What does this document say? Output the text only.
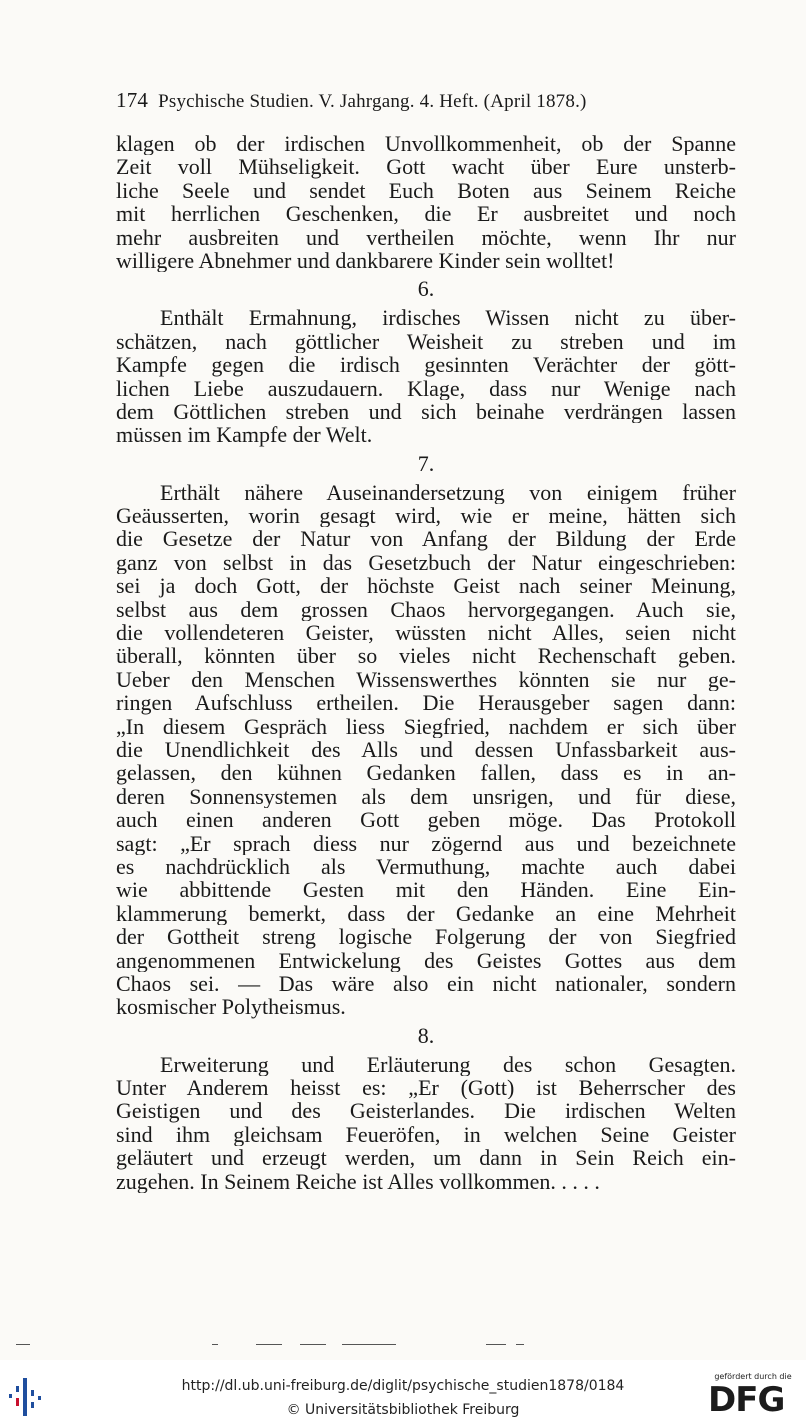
174 Psychische Studien. V. Jahrgang. 4. Heft. (April 1878.)
klagen ob der irdischen Unvollkommenheit, ob der Spanne
Zeit voll Mühseligkeit. Gott wacht über Eure unsterb-
liche Seele und sendet Euch Boten aus Seinem Reiche
mit herrlichen Geschenken, die Er ausbreitet und noch
mehr ausbreiten und vertheilen möchte, wenn Ihr nur
willigere Abnehmer und dankbarere Kinder sein wolltet!
6.
Enthält Ermahnung, irdisches Wissen nicht zu über-
schätzen, nach göttlicher Weisheit zu streben und im
Kampfe gegen die irdisch gesinnten Verächter der gött-
lichen Liebe auszudauern. Klage, dass nur Wenige nach
dem Göttlichen streben und sich beinahe verdrängen lassen
müssen im Kampfe der Welt.
7.
Erthält nähere Auseinandersetzung von einigem früher
Geäusserten, worin gesagt wird, wie er meine, hätten sich
die Gesetze der Natur von Anfang der Bildung der Erde
ganz von selbst in das Gesetzbuch der Natur eingeschrieben:
sei ja doch Gott, der höchste Geist nach seiner Meinung,
selbst aus dem grossen Chaos hervorgegangen. Auch sie,
die vollendeteren Geister, wüssten nicht Alles, seien nicht
überall, könnten über so vieles nicht Rechenschaft geben.
Ueber den Menschen Wissenswerthes könnten sie nur ge-
ringen Aufschluss ertheilen. Die Herausgeber sagen dann:
„In diesem Gespräch liess Siegfried, nachdem er sich über
die Unendlichkeit des Alls und dessen Unfassbarkeit aus-
gelassen, den kühnen Gedanken fallen, dass es in an-
deren Sonnensystemen als dem unsrigen, und für diese,
auch einen anderen Gott geben möge. Das Protokoll
sagt: „Er sprach diess nur zögernd aus und bezeichnete
es nachdrücklich als Vermuthung, machte auch dabei
wie abbittende Gesten mit den Händen. Eine Ein-
klammerung bemerkt, dass der Gedanke an eine Mehrheit
der Gottheit streng logische Folgerung der von Siegfried
angenommenen Entwickelung des Geistes Gottes aus dem
Chaos sei. — Das wäre also ein nicht nationaler, sondern
kosmischer Polytheismus.
8.
Erweiterung und Erläuterung des schon Gesagten.
Unter Anderem heisst es: „Er (Gott) ist Beherrscher des
Geistigen und des Geisterlandes. Die irdischen Welten
sind ihm gleichsam Feueröfen, in welchen Seine Geister
geläutert und erzeugt werden, um dann in Sein Reich ein-
zugehen. In Seinem Reiche ist Alles vollkommen. . . . .
http://dl.ub.uni-freiburg.de/diglit/psychische_studien1878/0184
© Universitätsbibliothek Freiburg
gefördert durch die
DFG
